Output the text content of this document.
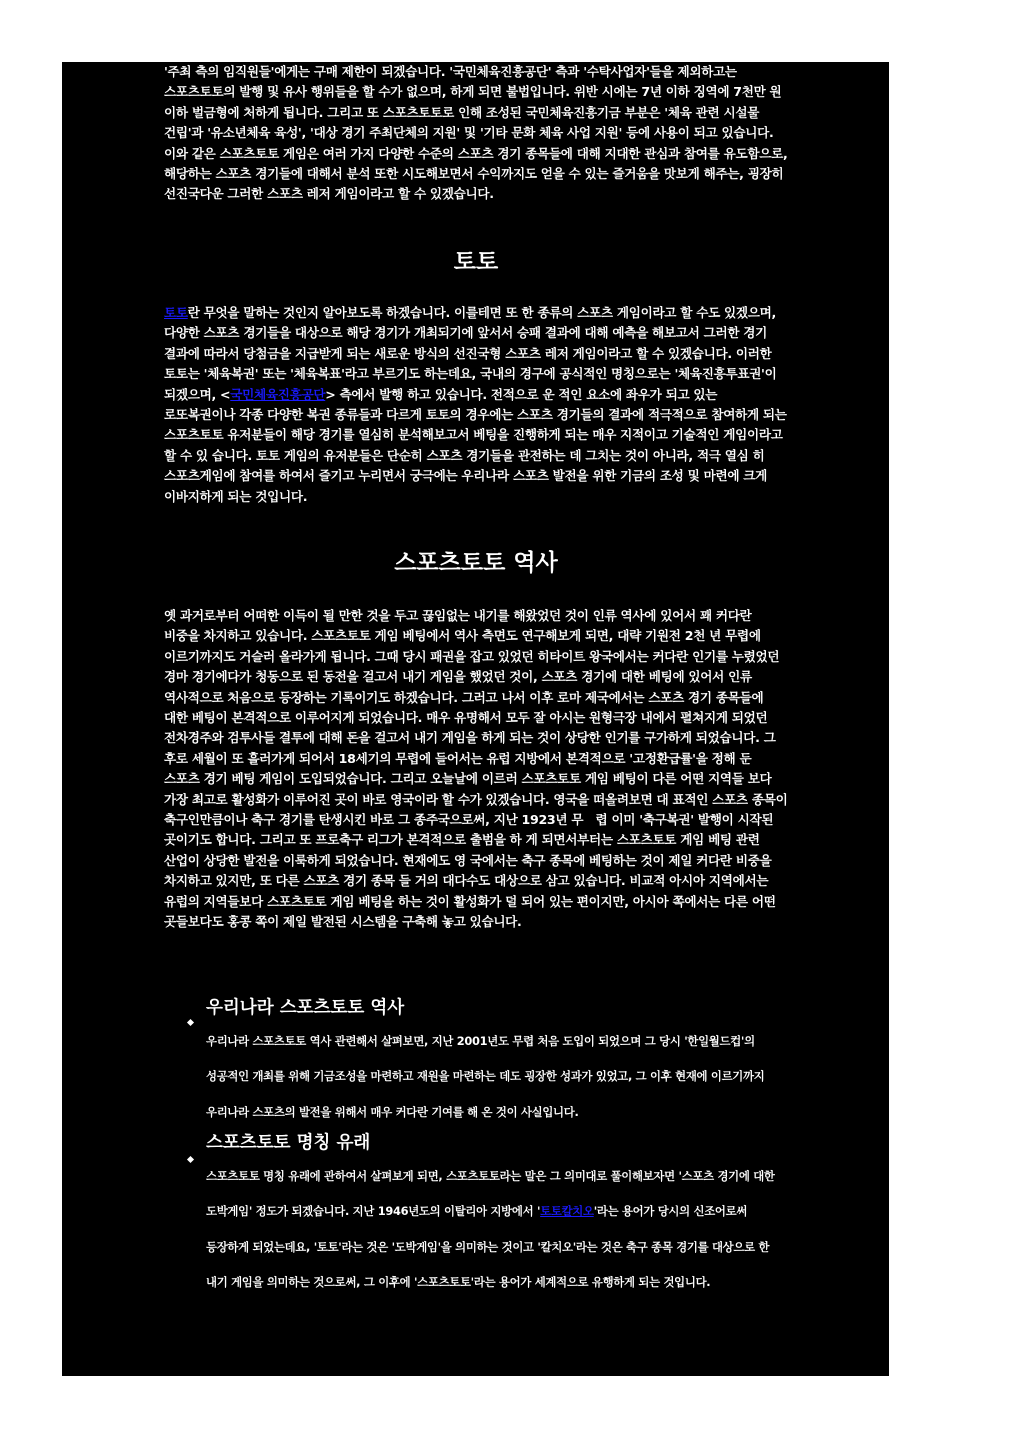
'주최 측의 임직원들'에게는 구매 제한이 되겠습니다. '국민체육진흥공단' 측과 '수탁사업자'들을 제외하고는 스포츠토토의 발행 및 유사 행위들을 할 수가 없으며, 하게 되면 불법입니다. 위반 시에는 7년 이하 징역에 7천만 원 이하 벌금형에 처하게 됩니다. 그리고 또 스포츠토토로 인해 조성된 국민체육진흥기금 부분은 '체육 관련 시설물 건립'과 '유소년체육 육성', '대상 경기 주최단체의 지원' 및 '기타 문화 체육 사업 지원' 등에 사용이 되고 있습니다. 이와 같은 스포츠토토 게임은 여러 가지 다양한 수준의 스포츠 경기 종목들에 대해 지대한 관심과 참여를 유도함으로, 해당하는 스포츠 경기들에 대해서 분석 또한 시도해보면서 수익까지도 얻을 수 있는 즐거움을 맛보게 해주는, 굉장히 선진국다운 그러한 스포츠 레저 게임이라고 할 수 있겠습니다.

토토

토토란 무엇을 말하는 것인지 알아보도록 하겠습니다. 이를테면 또 한 종류의 스포츠 게임이라고 할 수도 있겠으며, 다양한 스포츠 경기들을 대상으로 해당 경기가 개최되기에 앞서서 승패 결과에 대해 예측을 해보고서 그러한 경기 결과에 따라서 당첨금을 지급받게 되는 새로운 방식의 선진국형 스포츠 레저 게임이라고 할 수 있겠습니다. 이러한 토토는 '체육복권' 또는 '체육복표'라고 부르기도 하는데요, 국내의 경구에 공식적인 명칭으로는 '체육진흥투표권'이 되겠으며, <국민체육진흥공단> 측에서 발행 하고 있습니다. 전적으로 운 적인 요소에 좌우가 되고 있는 로또복권이나 각종 다양한 복권 종류들과 다르게 토토의 경우에는 스포츠 경기들의 결과에 적극적으로 참여하게 되는 스포츠토토 유저분들이 해당 경기를 열심히 분석해보고서 베팅을 진행하게 되는 매우 지적이고 기술적인 게임이라고 할 수 있 습니다. 토토 게임의 유저분들은 단순히 스포츠 경기들을 관전하는 데 그치는 것이 아니라, 적극 열심 히 스포츠게임에 참여를 하여서 즐기고 누리면서 궁극에는 우리나라 스포츠 발전을 위한 기금의 조성 및 마련에 크게 이바지하게 되는 것입니다.

스포츠토토 역사

옛 과거로부터 어떠한 이득이 될 만한 것을 두고 끊임없는 내기를 해왔었던 것이 인류 역사에 있어서 꽤 커다란 비중을 차지하고 있습니다. 스포츠토토 게임 베팅에서 역사 측면도 연구해보게 되면, 대략 기원전 2천 년 무렵에 이르기까지도 거슬러 올라가게 됩니다. 그때 당시 패권을 잡고 있었던 히타이트 왕국에서는 커다란 인기를 누렸었던 경마 경기에다가 청동으로 된 동전을 걸고서 내기 게임을 했었던 것이, 스포츠 경기에 대한 베팅에 있어서 인류 역사적으로 처음으로 등장하는 기록이기도 하겠습니다. 그러고 나서 이후 로마 제국에서는 스포츠 경기 종목들에 대한 베팅이 본격적으로 이루어지게 되었습니다. 매우 유명해서 모두 잘 아시는 원형극장 내에서 펼쳐지게 되었던 전차경주와 검투사들 결투에 대해 돈을 걸고서 내기 게임을 하게 되는 것이 상당한 인기를 구가하게 되었습니다. 그 후로 세월이 또 흘러가게 되어서 18세기의 무렵에 들어서는 유럽 지방에서 본격적으로 '고정환급률'을 정해 둔 스포츠 경기 베팅 게임이 도입되었습니다. 그리고 오늘날에 이르러 스포츠토토 게임 베팅이 다른 어떤 지역들 보다 가장 최고로 활성화가 이루어진 곳이 바로 영국이라 할 수가 있겠습니다. 영국을 떠올려보면 대 표적인 스포츠 종목이 축구인만큼이나 축구 경기를 탄생시킨 바로 그 종주국으로써, 지난 1923년 무　렵 이미 '축구복권' 발행이 시작된 곳이기도 합니다. 그리고 또 프로축구 리그가 본격적으로 출범을 하 게 되면서부터는 스포츠토토 게임 베팅 관련 산업이 상당한 발전을 이룩하게 되었습니다. 현재에도 영 국에서는 축구 종목에 베팅하는 것이 제일 커다란 비중을 차지하고 있지만, 또 다른 스포츠 경기 종목 들 거의 대다수도 대상으로 삼고 있습니다. 비교적 아시아 지역에서는 유럽의 지역들보다 스포츠토토 게임 베팅을 하는 것이 활성화가 덜 되어 있는 편이지만, 아시아 쪽에서는 다른 어떤 곳들보다도 홍콩 쪽이 제일 발전된 시스템을 구축해 놓고 있습니다.

우리나라 스포츠토토 역사

우리나라 스포츠토토 역사 관련해서 살펴보면, 지난 2001년도 무렵 처음 도입이 되었으며 그 당시 '한일월드컵'의 성공적인 개최를 위해 기금조성을 마련하고 재원을 마련하는 데도 굉장한 성과가 있었고, 그 이후 현재에 이르기까지 우리나라 스포츠의 발전을 위해서 매우 커다란 기여를 해 온 것이 사실입니다.

스포츠토토 명칭 유래

스포츠토토 명칭 유래에 관하여서 살펴보게 되면, 스포츠토토라는 말은 그 의미대로 풀이해보자면 '스포츠 경기에 대한 도박게임' 정도가 되겠습니다. 지난 1946년도의 이탈리아 지방에서 '토토칼치오'라는 용어가 당시의 신조어로써 등장하게 되었는데요, '토토'라는 것은 '도박게임'을 의미하는 것이고 '칼치오'라는 것은 축구 종목 경기를 대상으로 한 내기 게임을 의미하는 것으로써, 그 이후에 '스포츠토토'라는 용어가 세계적으로 유행하게 되는 것입니다.
